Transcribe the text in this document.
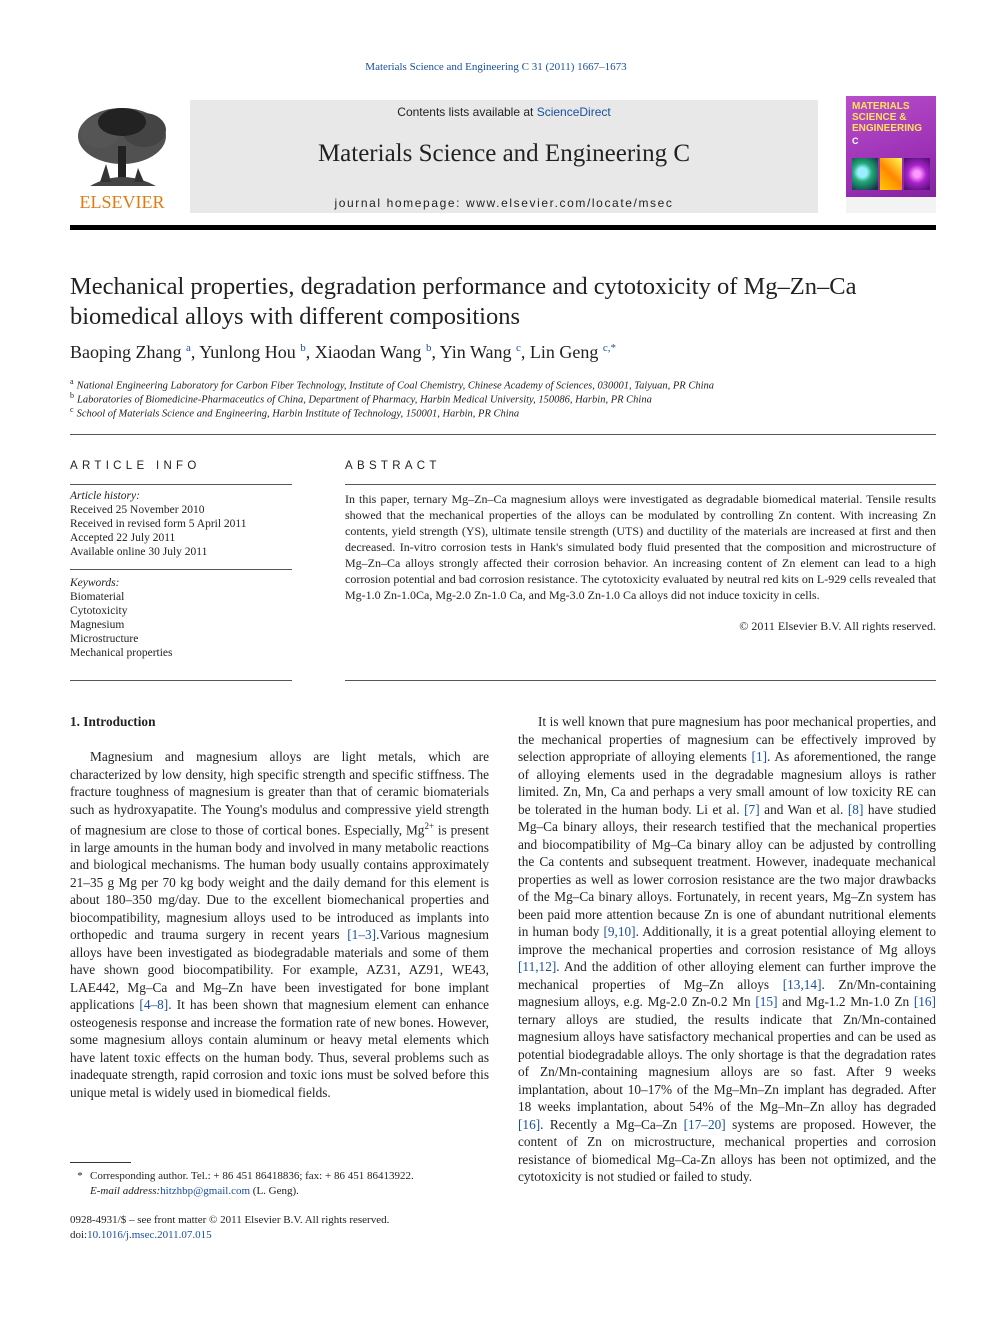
Materials Science and Engineering C 31 (2011) 1667–1673
ELSEVIER
Contents lists available at ScienceDirect
Materials Science and Engineering C
journal homepage: www.elsevier.com/locate/msec
MATERIALS SCIENCE & ENGINEERING
C
Mechanical properties, degradation performance and cytotoxicity of Mg–Zn–Ca biomedical alloys with different compositions
Baoping Zhang $^a$, Yunlong Hou $^b$, Xiaodan Wang $^b$, Yin Wang $^c$, Lin Geng $^{c,*}$
$^a$ National Engineering Laboratory for Carbon Fiber Technology, Institute of Coal Chemistry, Chinese Academy of Sciences, 030001, Taiyuan, PR China
$^b$ Laboratories of Biomedicine-Pharmaceutics of China, Department of Pharmacy, Harbin Medical University, 150086, Harbin, PR China
$^c$ School of Materials Science and Engineering, Harbin Institute of Technology, 150001, Harbin, PR China
ARTICLE INFO	ABSTRACT
Article history:
Received 25 November 2010
Received in revised form 5 April 2011
Accepted 22 July 2011
Available online 30 July 2011
Keywords:
Biomaterial
Cytotoxicity
Magnesium
Microstructure
Mechanical properties
In this paper, ternary Mg–Zn–Ca magnesium alloys were investigated as degradable biomedical material. Tensile results showed that the mechanical properties of the alloys can be modulated by controlling Zn content. With increasing Zn contents, yield strength (YS), ultimate tensile strength (UTS) and ductility of the materials are increased at first and then decreased. In-vitro corrosion tests in Hank's simulated body fluid presented that the composition and microstructure of Mg–Zn–Ca alloys strongly affected their corrosion behavior. An increasing content of Zn element can lead to a high corrosion potential and bad corrosion resistance. The cytotoxicity evaluated by neutral red kits on L-929 cells revealed that Mg-1.0 Zn-1.0Ca, Mg-2.0 Zn-1.0 Ca, and Mg-3.0 Zn-1.0 Ca alloys did not induce toxicity in cells.
© 2011 Elsevier B.V. All rights reserved.
1. Introduction

Magnesium and magnesium alloys are light metals, which are characterized by low density, high specific strength and specific stiffness. The fracture toughness of magnesium is greater than that of ceramic biomaterials such as hydroxyapatite. The Young's modulus and compressive yield strength of magnesium are close to those of cortical bones. Especially, $Mg^{2+}$ is present in large amounts in the human body and involved in many metabolic reactions and biological mechanisms. The human body usually contains approximately 21–35 g Mg per 70 kg body weight and the daily demand for this element is about 180–350 mg/day. Due to the excellent biomechanical properties and biocompatibility, magnesium alloys used to be introduced as implants into orthopedic and trauma surgery in recent years [1–3].Various magnesium alloys have been investigated as biodegradable materials and some of them have shown good biocompatibility. For example, AZ31, AZ91, WE43, LAE442, Mg–Ca and Mg–Zn have been investigated for bone implant applications [4–8]. It has been shown that magnesium element can enhance osteogenesis response and increase the formation rate of new bones. However, some magnesium alloys contain aluminum or heavy metal elements which have latent toxic effects on the human body. Thus, several problems such as inadequate strength, rapid corrosion and toxic ions must be solved before this unique metal is widely used in biomedical fields.

It is well known that pure magnesium has poor mechanical properties, and the mechanical properties of magnesium can be effectively improved by selection appropriate of alloying elements [1]. As aforementioned, the range of alloying elements used in the degradable magnesium alloys is rather limited. Zn, Mn, Ca and perhaps a very small amount of low toxicity RE can be tolerated in the human body. Li et al. [7] and Wan et al. [8] have studied Mg–Ca binary alloys, their research testified that the mechanical properties and biocompatibility of Mg–Ca binary alloy can be adjusted by controlling the Ca contents and subsequent treatment. However, inadequate mechanical properties as well as lower corrosion resistance are the two major drawbacks of the Mg–Ca binary alloys. Fortunately, in recent years, Mg–Zn system has been paid more attention because Zn is one of abundant nutritional elements in human body [9,10]. Additionally, it is a great potential alloying element to improve the mechanical properties and corrosion resistance of Mg alloys [11,12]. And the addition of other alloying element can further improve the mechanical properties of Mg–Zn alloys [13,14]. Zn/Mn-containing magnesium alloys, e.g. Mg-2.0 Zn-0.2 Mn [15] and Mg-1.2 Mn-1.0 Zn [16] ternary alloys are studied, the results indicate that Zn/Mn-contained magnesium alloys have satisfactory mechanical properties and can be used as potential biodegradable alloys. The only shortage is that the degradation rates of Zn/Mn-containing magnesium alloys are so fast. After 9 weeks implantation, about 10–17% of the Mg–Mn–Zn implant has degraded. After 18 weeks implantation, about 54% of the Mg–Mn–Zn alloy has degraded [16]. Recently a Mg–Ca–Zn [17–20] systems are proposed. However, the content of Zn on microstructure, mechanical properties and corrosion resistance of biomedical Mg–Ca-Zn alloys has been not optimized, and the cytotoxicity is not studied or failed to study.

* Corresponding author. Tel.: + 86 451 86418836; fax: + 86 451 86413922.
E-mail address:hitzhbp@gmail.com (L. Geng).
0928-4931/$ – see front matter © 2011 Elsevier B.V. All rights reserved.
doi:10.1016/j.msec.2011.07.015
